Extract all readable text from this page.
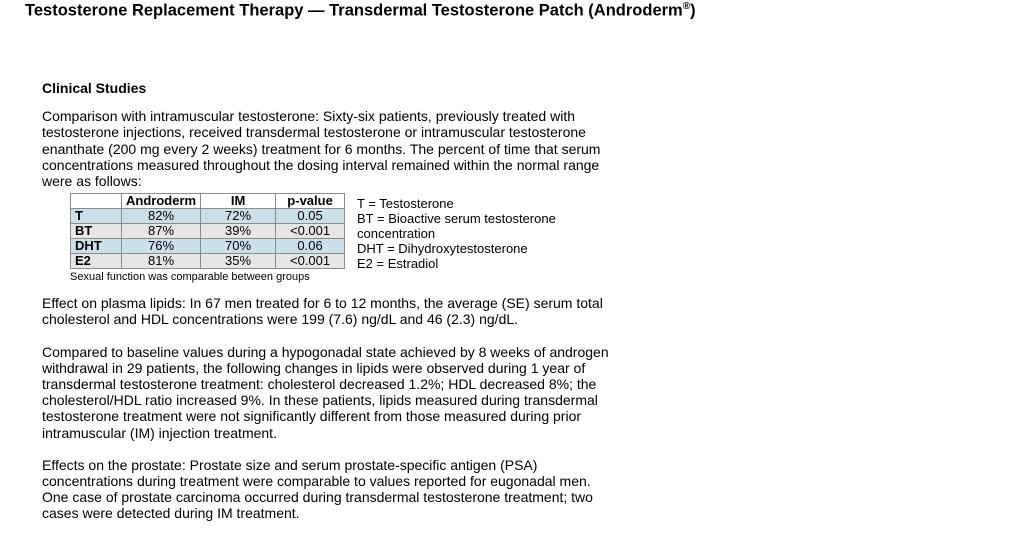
Testosterone Replacement Therapy — Transdermal Testosterone Patch (Androderm®)
Clinical Studies
Comparison with intramuscular testosterone: Sixty-six patients, previously treated with testosterone injections, received transdermal testosterone or intramuscular testosterone enanthate (200 mg every 2 weeks) treatment for 6 months. The percent of time that serum concentrations measured throughout the dosing interval remained within the normal range were as follows:
	Androderm	IM	p-value
T	82%	72%	0.05
BT	87%	39%	<0.001
DHT	76%	70%	0.06
E2	81%	35%	<0.001
Sexual function was comparable between groups
T = Testosterone
BT = Bioactive serum testosterone concentration
DHT = Dihydroxytestosterone
E2 = Estradiol
Effect on plasma lipids: In 67 men treated for 6 to 12 months, the average (SE) serum total cholesterol and HDL concentrations were 199 (7.6) ng/dL and 46 (2.3) ng/dL.
Compared to baseline values during a hypogonadal state achieved by 8 weeks of androgen withdrawal in 29 patients, the following changes in lipids were observed during 1 year of transdermal testosterone treatment: cholesterol decreased 1.2%; HDL decreased 8%; the cholesterol/HDL ratio increased 9%. In these patients, lipids measured during transdermal testosterone treatment were not significantly different from those measured during prior intramuscular (IM) injection treatment.
Effects on the prostate: Prostate size and serum prostate-specific antigen (PSA) concentrations during treatment were comparable to values reported for eugonadal men. One case of prostate carcinoma occurred during transdermal testosterone treatment; two cases were detected during IM treatment.
